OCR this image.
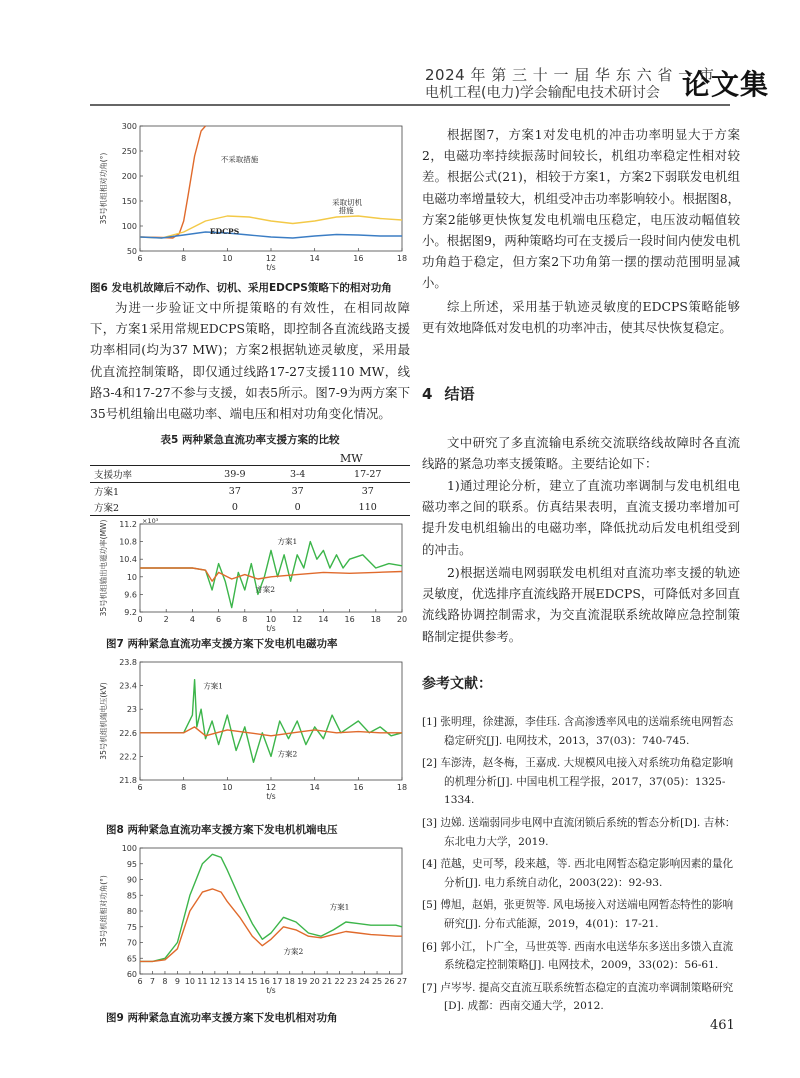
2024 年 第 三 十 一 届 华 东 六 省 一 市
电机工程(电力)学会输配电技术研讨会 论文集
50
100
150
200
250
300
6	8	10	12	14	16	18
t/s
35号机组相对功角(°)	不采取措施
采取切机
措施
EDCPS
图6 发电机故障后不动作、切机、采用EDCPS策略下的相对功角

为进一步验证文中所提策略的有效性，在相同故障下，方案1采用常规EDCPS策略，即控制各直流线路支援功率相同(均为37 MW)；方案2根据轨迹灵敏度，采用最优直流控制策略，即仅通过线路17-27支援110 MW，线路3-4和17-27不参与支援，如表5所示。图7-9为两方案下35号机组输出电磁功率、端电压和相对功角变化情况。

表5 两种紧急直流功率支援方案的比较
MW
支援功率	39-9	3-4	17-27
方案1	37	37	37
方案2	0	0	110
9.2
9.6
10
10.4
10.8
11.2
0	2	4	6	8 10 12 14 16 18 20
t/s
35号机组输出电磁功率(MW)	×10³
方案1
方案2
图7 两种紧急直流功率支援方案下发电机电磁功率
21.8
22.2
22.6
23
23.4
23.8
6	8	10	12	14	16	18
t/s
35号机组机端电压(kV)	方案1
方案2
图8 两种紧急直流功率支援方案下发电机机端电压
60
65
70
75
80
85
90
95
100
6 7 8 9 10 11 12 13 14 15 16 17 18 19 20 21 22 23 24 25 26 27
t/s
35号机组相对功角(°)	方案1
方案2
图9 两种紧急直流功率支援方案下发电机相对功角

根据图7，方案1对发电机的冲击功率明显大于方案2，电磁功率持续振荡时间较长，机组功率稳定性相对较差。根据公式(21)，相较于方案1，方案2下弱联发电机组电磁功率增量较大，机组受冲击功率影响较小。根据图8，方案2能够更快恢复发电机端电压稳定，电压波动幅值较小。根据图9，两种策略均可在支援后一段时间内使发电机功角趋于稳定，但方案2下功角第一摆的摆动范围明显减小。

综上所述，采用基于轨迹灵敏度的EDCPS策略能够更有效地降低对发电机的功率冲击，使其尽快恢复稳定。

4 结语

文中研究了多直流输电系统交流联络线故障时各直流线路的紧急功率支援策略。主要结论如下：

1)通过理论分析，建立了直流功率调制与发电机组电磁功率之间的联系。仿真结果表明，直流支援功率增加可提升发电机组输出的电磁功率，降低扰动后发电机组受到的冲击。

2)根据送端电网弱联发电机组对直流功率支援的轨迹灵敏度，优选排序直流线路开展EDCPS，可降低对多回直流线路协调控制需求，为交直流混联系统故障应急控制策略制定提供参考。

参考文献：
[1] 张明理，徐建源，李佳珏. 含高渗透率风电的送端系统电网暂态稳定研究[J]. 电网技术，2013，37(03)：740-745.
[2] 车澎涛，赵冬梅，王嘉成. 大规模风电接入对系统功角稳定影响的机理分析[J]. 中国电机工程学报，2017，37(05)：1325-1334.
[3] 边娣. 送端弱同步电网中直流闭锁后系统的暂态分析[D]. 吉林：东北电力大学，2019.
[4] 范越，史可琴，段来越，等. 西北电网暂态稳定影响因素的量化分析[J]. 电力系统自动化，2003(22)：92-93.
[5] 傅旭，赵娟，张更贺等. 风电场接入对送端电网暂态特性的影响研究[J]. 分布式能源，2019，4(01)：17-21.
[6] 郭小江，卜广全，马世英等. 西南水电送华东多送出多馈入直流系统稳定控制策略[J]. 电网技术，2009，33(02)：56-61.
[7] 卢岑岑. 提高交直流互联系统暂态稳定的直流功率调制策略研究[D]. 成都：西南交通大学，2012.
461
